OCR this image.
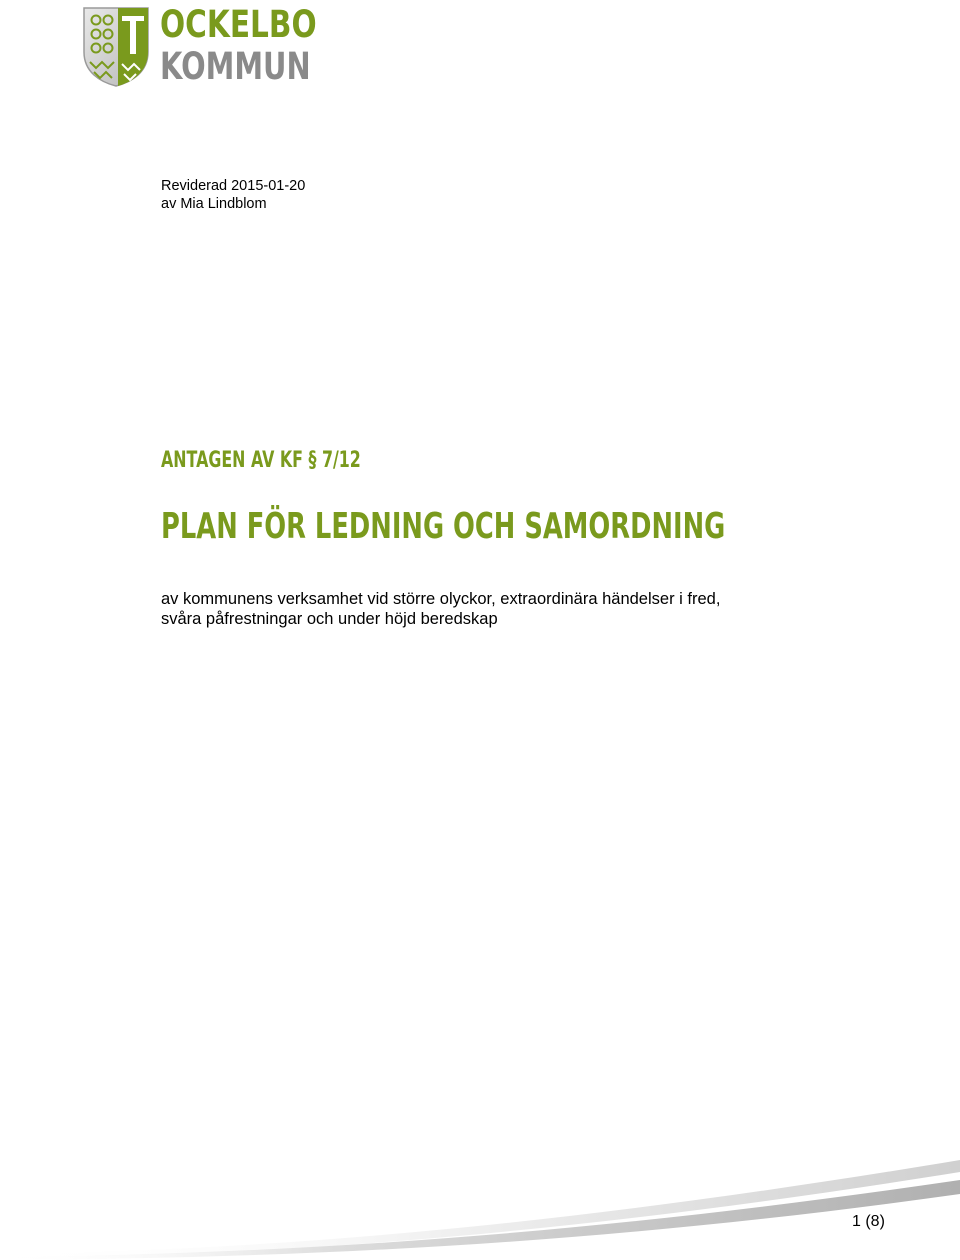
OCKELBO
KOMMUN
Reviderad 2015-01-20
av Mia Lindblom
ANTAGEN AV KF § 7/12
PLAN FÖR LEDNING OCH SAMORDNING
av kommunens verksamhet vid större olyckor, extraordinära händelser i fred,
svåra påfrestningar och under höjd beredskap
1 (8)
